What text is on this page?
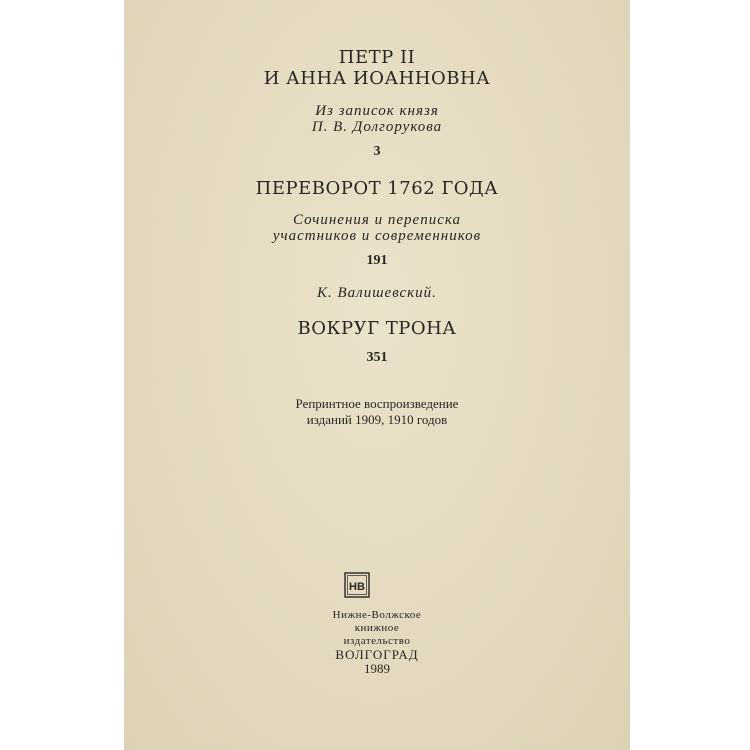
ПЕТР II
И АННА ИОАННОВНА
Из записок князя
П. В. Долгорукова
3
ПЕРЕВОРОТ 1762 ГОДА
Сочинения и переписка
участников и современников
191
К. Валишевский.
ВОКРУГ ТРОНА
351
Репринтное воспроизведение
изданий 1909, 1910 годов
НВ
Нижне-Волжское
книжное
издательство
ВОЛГОГРАД
1989
